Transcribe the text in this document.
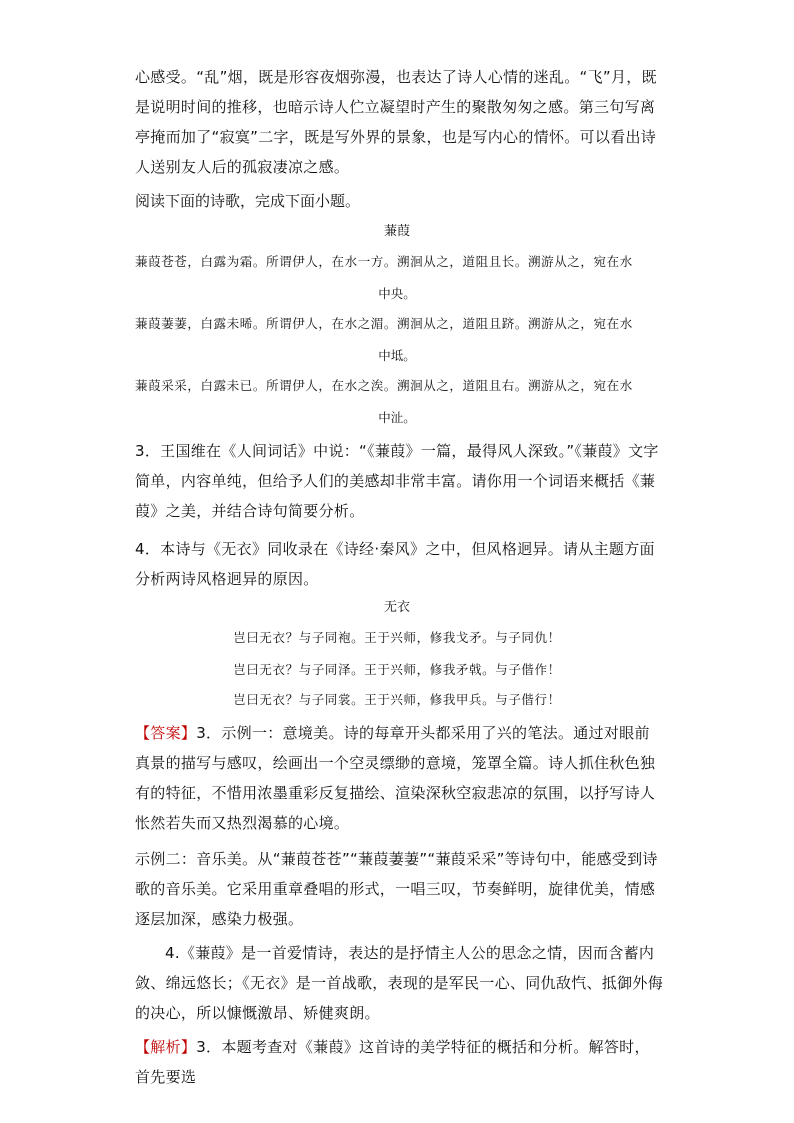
心感受。“乱”烟，既是形容夜烟弥漫，也表达了诗人心情的迷乱。“飞”月，既是说明时间的推移，也暗示诗人伫立凝望时产生的聚散匆匆之感。第三句写离亭掩而加了“寂寞”二字，既是写外界的景象，也是写内心的情怀。可以看出诗人送别友人后的孤寂凄凉之感。
阅读下面的诗歌，完成下面小题。
蒹葭
蒹葭苍苍，白露为霜。所谓伊人，在水一方。溯洄从之，道阻且长。溯游从之，宛在水
中央。
蒹葭萋萋，白露未晞。所谓伊人，在水之湄。溯洄从之，道阻且跻。溯游从之，宛在水
中坻。
蒹葭采采，白露未已。所谓伊人，在水之涘。溯洄从之，道阻且右。溯游从之，宛在水
中沚。
3．王国维在《人间词话》中说：“《蒹葭》一篇，最得风人深致。”《蒹葭》文字简单，内容单纯，但给予人们的美感却非常丰富。请你用一个词语来概括《蒹葭》之美，并结合诗句简要分析。
4．本诗与《无衣》同收录在《诗经·秦风》之中，但风格迥异。请从主题方面分析两诗风格迥异的原因。
无衣
岂曰无衣？与子同袍。王于兴师，修我戈矛。与子同仇！
岂曰无衣？与子同泽。王于兴师，修我矛戟。与子偕作！
岂曰无衣？与子同裳。王于兴师，修我甲兵。与子偕行！
【答案】3．示例一：意境美。诗的每章开头都采用了兴的笔法。通过对眼前真景的描写与感叹，绘画出一个空灵缥缈的意境，笼罩全篇。诗人抓住秋色独有的特征，不惜用浓墨重彩反复描绘、渲染深秋空寂悲凉的氛围，以抒写诗人怅然若失而又热烈渴慕的心境。
示例二：音乐美。从“蒹葭苍苍”“蒹葭萋萋”“蒹葭采采”等诗句中，能感受到诗歌的音乐美。它采用重章叠唱的形式，一唱三叹，节奏鲜明，旋律优美，情感逐层加深，感染力极强。
4.《蒹葭》是一首爱情诗，表达的是抒情主人公的思念之情，因而含蓄内敛、绵远悠长；《无衣》是一首战歌，表现的是军民一心、同仇敌忾、抵御外侮的决心，所以慷慨激昂、矫健爽朗。
【解析】3．本题考查对《蒹葭》这首诗的美学特征的概括和分析。解答时，首先要选
